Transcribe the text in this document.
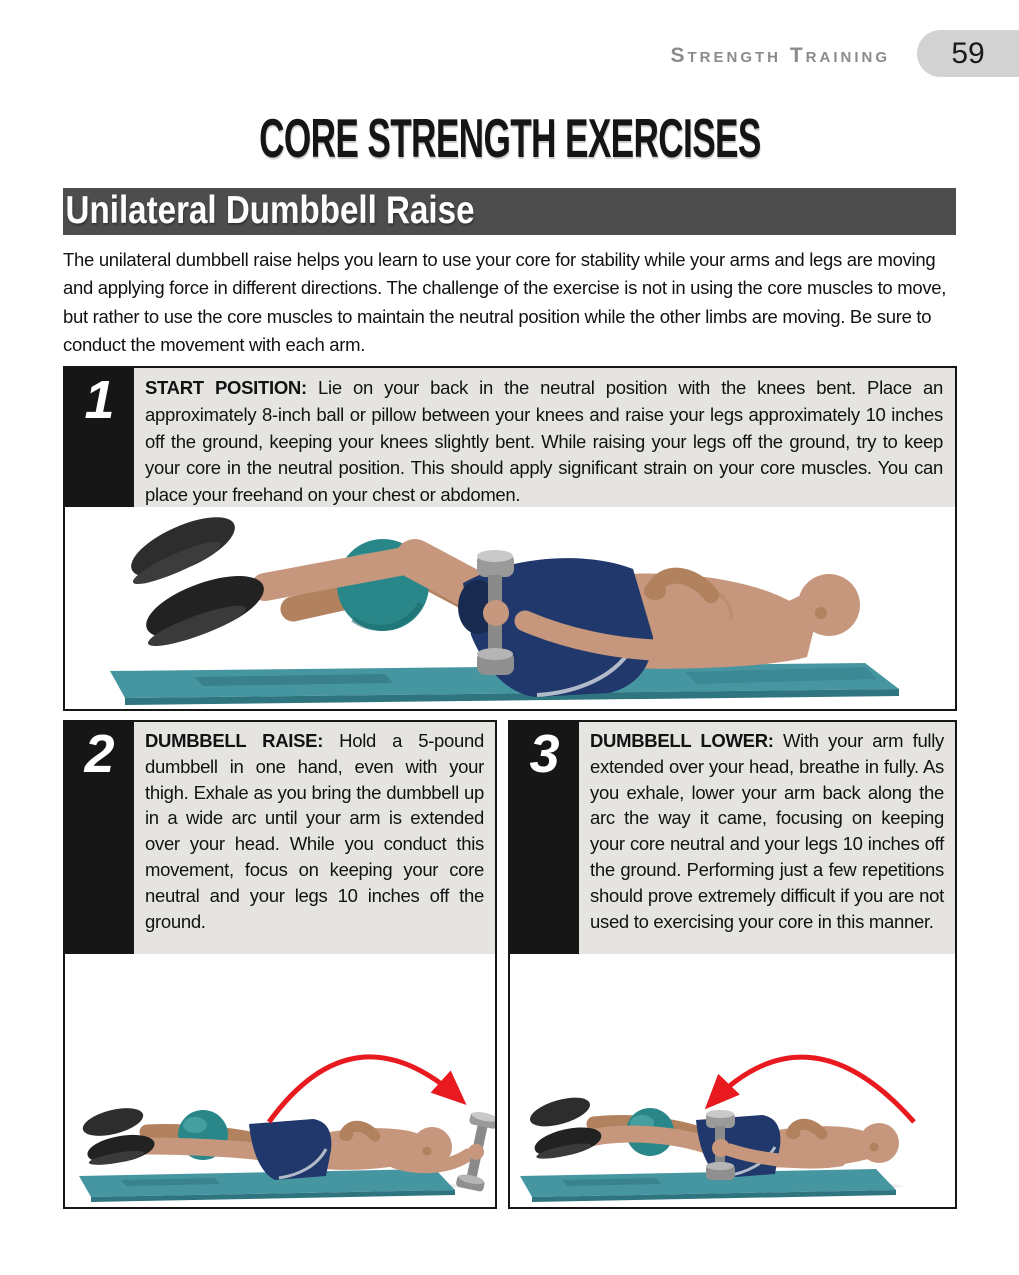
Strength Training 59
CORE STRENGTH EXERCISES
Unilateral Dumbbell Raise

The unilateral dumbbell raise helps you learn to use your core for stability while your arms and legs are moving and applying force in different directions. The challenge of the exercise is not in using the core muscles to move, but rather to use the core muscles to maintain the neutral position while the other limbs are moving. Be sure to conduct the movement with each arm.

1	START POSITION: Lie on your back in the neutral position with the knees bent. Place an approximately 8-inch ball or pillow between your knees and raise your legs approximately 10 inches off the ground, keeping your knees slightly bent. While raising your legs off the ground, try to keep your core in the neutral position. This should apply significant strain on your core muscles. You can place your freehand on your chest or abdomen.

2	DUMBBELL RAISE: Hold a 5-pound dumbbell in one hand, even with your thigh. Exhale as you bring the dumbbell up in a wide arc until your arm is extended over your head. While you conduct this movement, focus on keeping your core neutral and your legs 10 inches off the ground.

3	DUMBBELL LOWER: With your arm fully extended over your head, breathe in fully. As you exhale, lower your arm back along the arc the way it came, focusing on keeping your core neutral and your legs 10 inches off the ground. Performing just a few repetitions should prove extremely difficult if you are not used to exercising your core in this manner.
